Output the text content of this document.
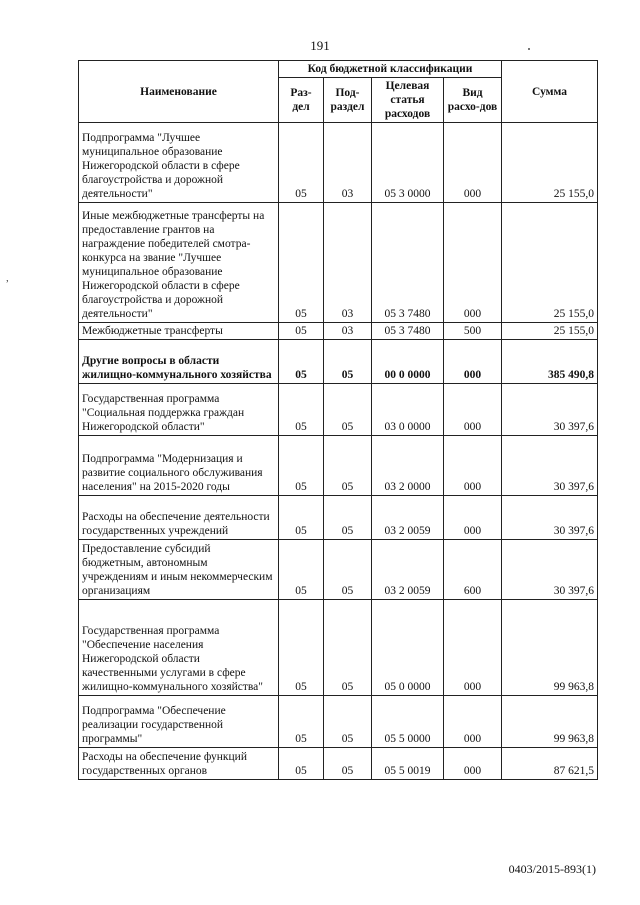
191
,
Наименование	Код бюджетной классификации				Сумма
	Раз-дел	Под-раздел	Целевая статья расходов	Вид расхо-дов	
Подпрограмма "Лучшее муниципальное образование Нижегородской области в сфере благоустройства и дорожной деятельности"	05	03	05 3 0000	000	25 155,0
Иные межбюджетные трансферты на предоставление грантов на награждение победителей смотра-конкурса на звание "Лучшее муниципальное образование Нижегородской области в сфере благоустройства и дорожной деятельности"	05	03	05 3 7480	000	25 155,0
Межбюджетные трансферты	05	03	05 3 7480	500	25 155,0
Другие вопросы в области жилищно-коммунального хозяйства	05	05	00 0 0000	000	385 490,8
Государственная программа "Социальная поддержка граждан Нижегородской области"	05	05	03 0 0000	000	30 397,6
Подпрограмма "Модернизация и развитие социального обслуживания населения" на 2015-2020 годы	05	05	03 2 0000	000	30 397,6
Расходы на обеспечение деятельности государственных учреждений	05	05	03 2 0059	000	30 397,6
Предоставление субсидий бюджетным, автономным учреждениям и иным некоммерческим организациям	05	05	03 2 0059	600	30 397,6
Государственная программа "Обеспечение населения Нижегородской области качественными услугами в сфере жилищно-коммунального хозяйства"	05	05	05 0 0000	000	99 963,8
Подпрограмма "Обеспечение реализации государственной программы"	05	05	05 5 0000	000	99 963,8
Расходы на обеспечение функций государственных органов	05	05	05 5 0019	000	87 621,5
0403/2015-893(1)
